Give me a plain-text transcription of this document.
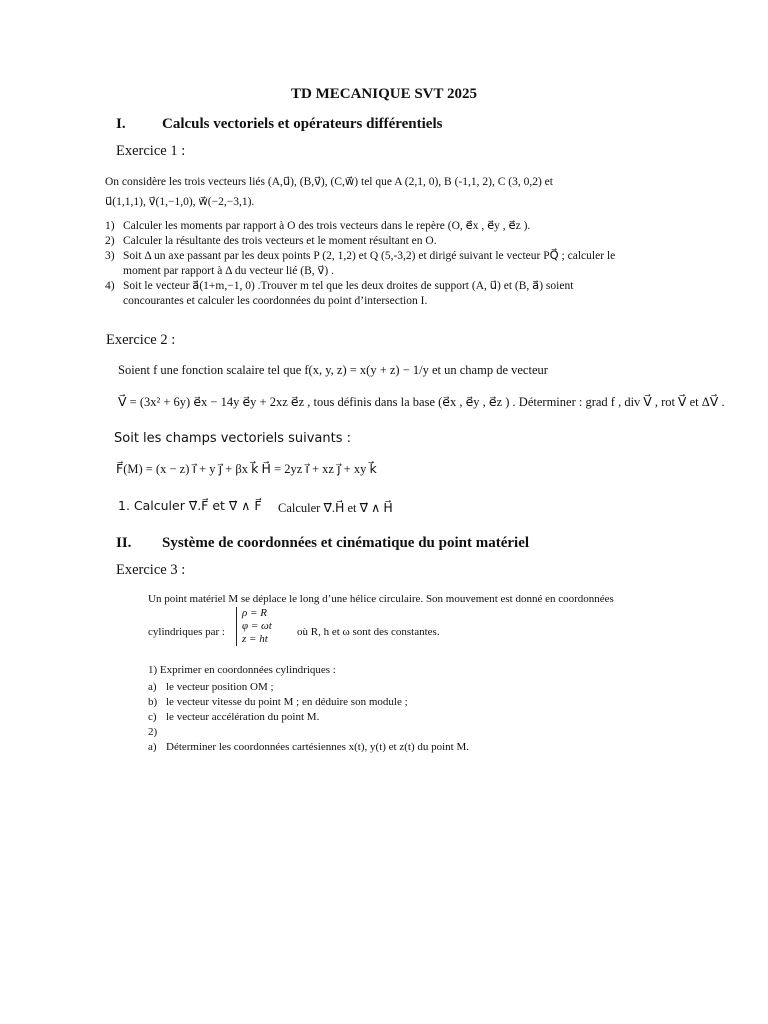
TD MECANIQUE SVT 2025
I. Calculs vectoriels et opérateurs différentiels
Exercice 1 :
On considère les trois vecteurs liés (A,u⃗), (B,v⃗), (C,w⃗) tel que A (2,1, 0), B (-1,1, 2), C (3, 0,2) et
u⃗(1,1,1), v⃗(1,−1,0), w⃗(−2,−3,1).
1) Calculer les moments par rapport à O des trois vecteurs dans le repère (O, e⃗x , e⃗y , e⃗z ).
2) Calculer la résultante des trois vecteurs et le moment résultant en O.
3) Soit Δ un axe passant par les deux points P (2, 1,2) et Q (5,-3,2) et dirigé suivant le vecteur PQ⃗ ; calculer le
moment par rapport à Δ du vecteur lié (B, v⃗) .
4) Soit le vecteur a⃗(1+m,−1, 0) .Trouver m tel que les deux droites de support (A, u⃗) et (B, a⃗) soient
concourantes et calculer les coordonnées du point d’intersection I.
Exercice 2 :
Soient f une fonction scalaire tel que f(x, y, z) = x(y + z) − 1/y et un champ de vecteur
V⃗ = (3x² + 6y) e⃗x − 14y e⃗y + 2xz e⃗z , tous définis dans la base (e⃗x , e⃗y , e⃗z ) . Déterminer : grad f , div V⃗ , rot V⃗ et ΔV⃗ .
Soit les champs vectoriels suivants :
F⃗(M) = (x − z) i⃗ + y j⃗ + βx k⃗ H⃗ = 2yz i⃗ + xz j⃗ + xy k⃗
1. Calculer ∇⃗.F⃗ et ∇⃗ ∧ F⃗ Calculer ∇⃗.H⃗ et ∇⃗ ∧ H⃗
II. Système de coordonnées et cinématique du point matériel
Exercice 3 :
Un point matériel M se déplace le long d’une hélice circulaire. Son mouvement est donné en coordonnées
cylindriques par :
ρ = R
φ = ωt
z = ht
où R, h et ω sont des constantes.
1) Exprimer en coordonnées cylindriques :
a) le vecteur position OM ;
b) le vecteur vitesse du point M ; en déduire son module ;
c) le vecteur accélération du point M.
2)
a) Déterminer les coordonnées cartésiennes x(t), y(t) et z(t) du point M.
